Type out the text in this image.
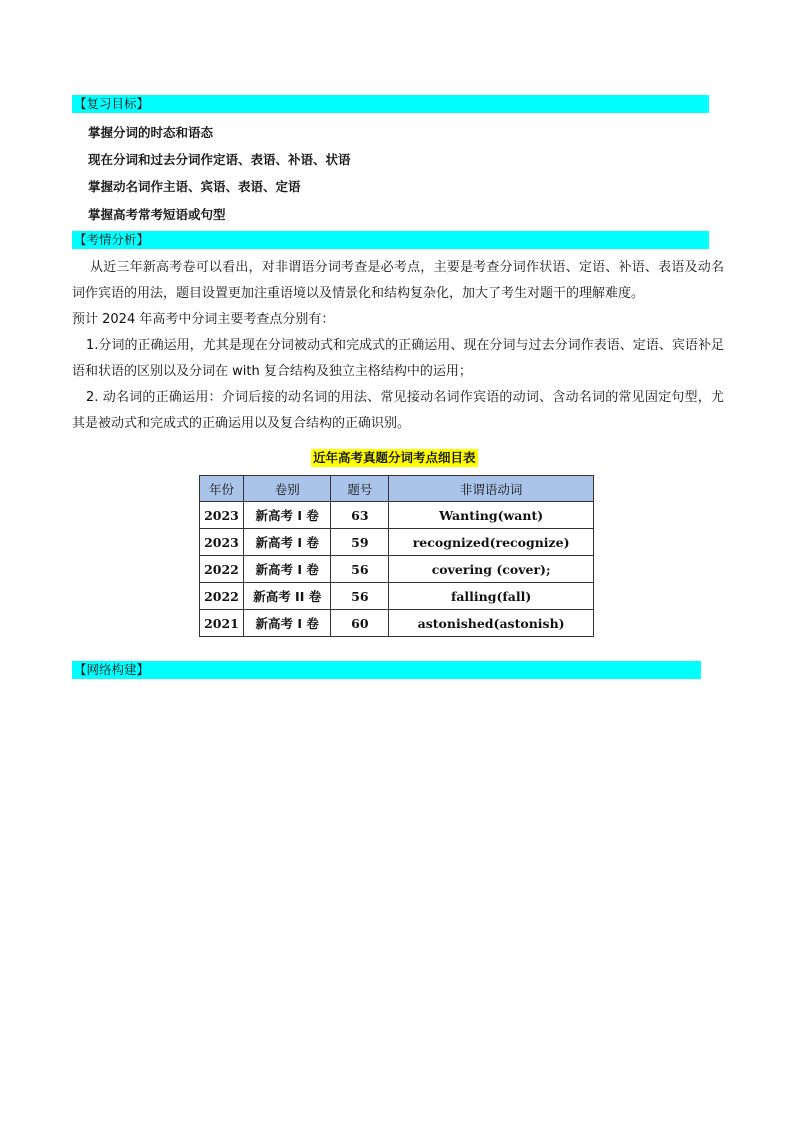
【复习目标】
掌握分词的时态和语态
现在分词和过去分词作定语、表语、补语、状语
掌握动名词作主语、宾语、表语、定语
掌握高考常考短语或句型
【考情分析】

从近三年新高考卷可以看出，对非谓语分词考查是必考点，主要是考查分词作状语、定语、补语、表语及动名词作宾语的用法，题目设置更加注重语境以及情景化和结构复杂化，加大了考生对题干的理解难度。

预计 2024 年高考中分词主要考查点分别有：

1.分词的正确运用，尤其是现在分词被动式和完成式的正确运用、现在分词与过去分词作表语、定语、宾语补足语和状语的区别以及分词在 with 复合结构及独立主格结构中的运用；

2. 动名词的正确运用：介词后接的动名词的用法、常见接动名词作宾语的动词、含动名词的常见固定句型，尤其是被动式和完成式的正确运用以及复合结构的正确识别。

近年高考真题分词考点细目表
年份	卷别	题号	非谓语动词
2023	新高考 I 卷	63	Wanting(want)
2023	新高考 I 卷	59	recognized(recognize)
2022	新高考 I 卷	56	covering (cover);
2022	新高考 II 卷	56	falling(fall)
2021	新高考 I 卷	60	astonished(astonish)
【网络构建】
